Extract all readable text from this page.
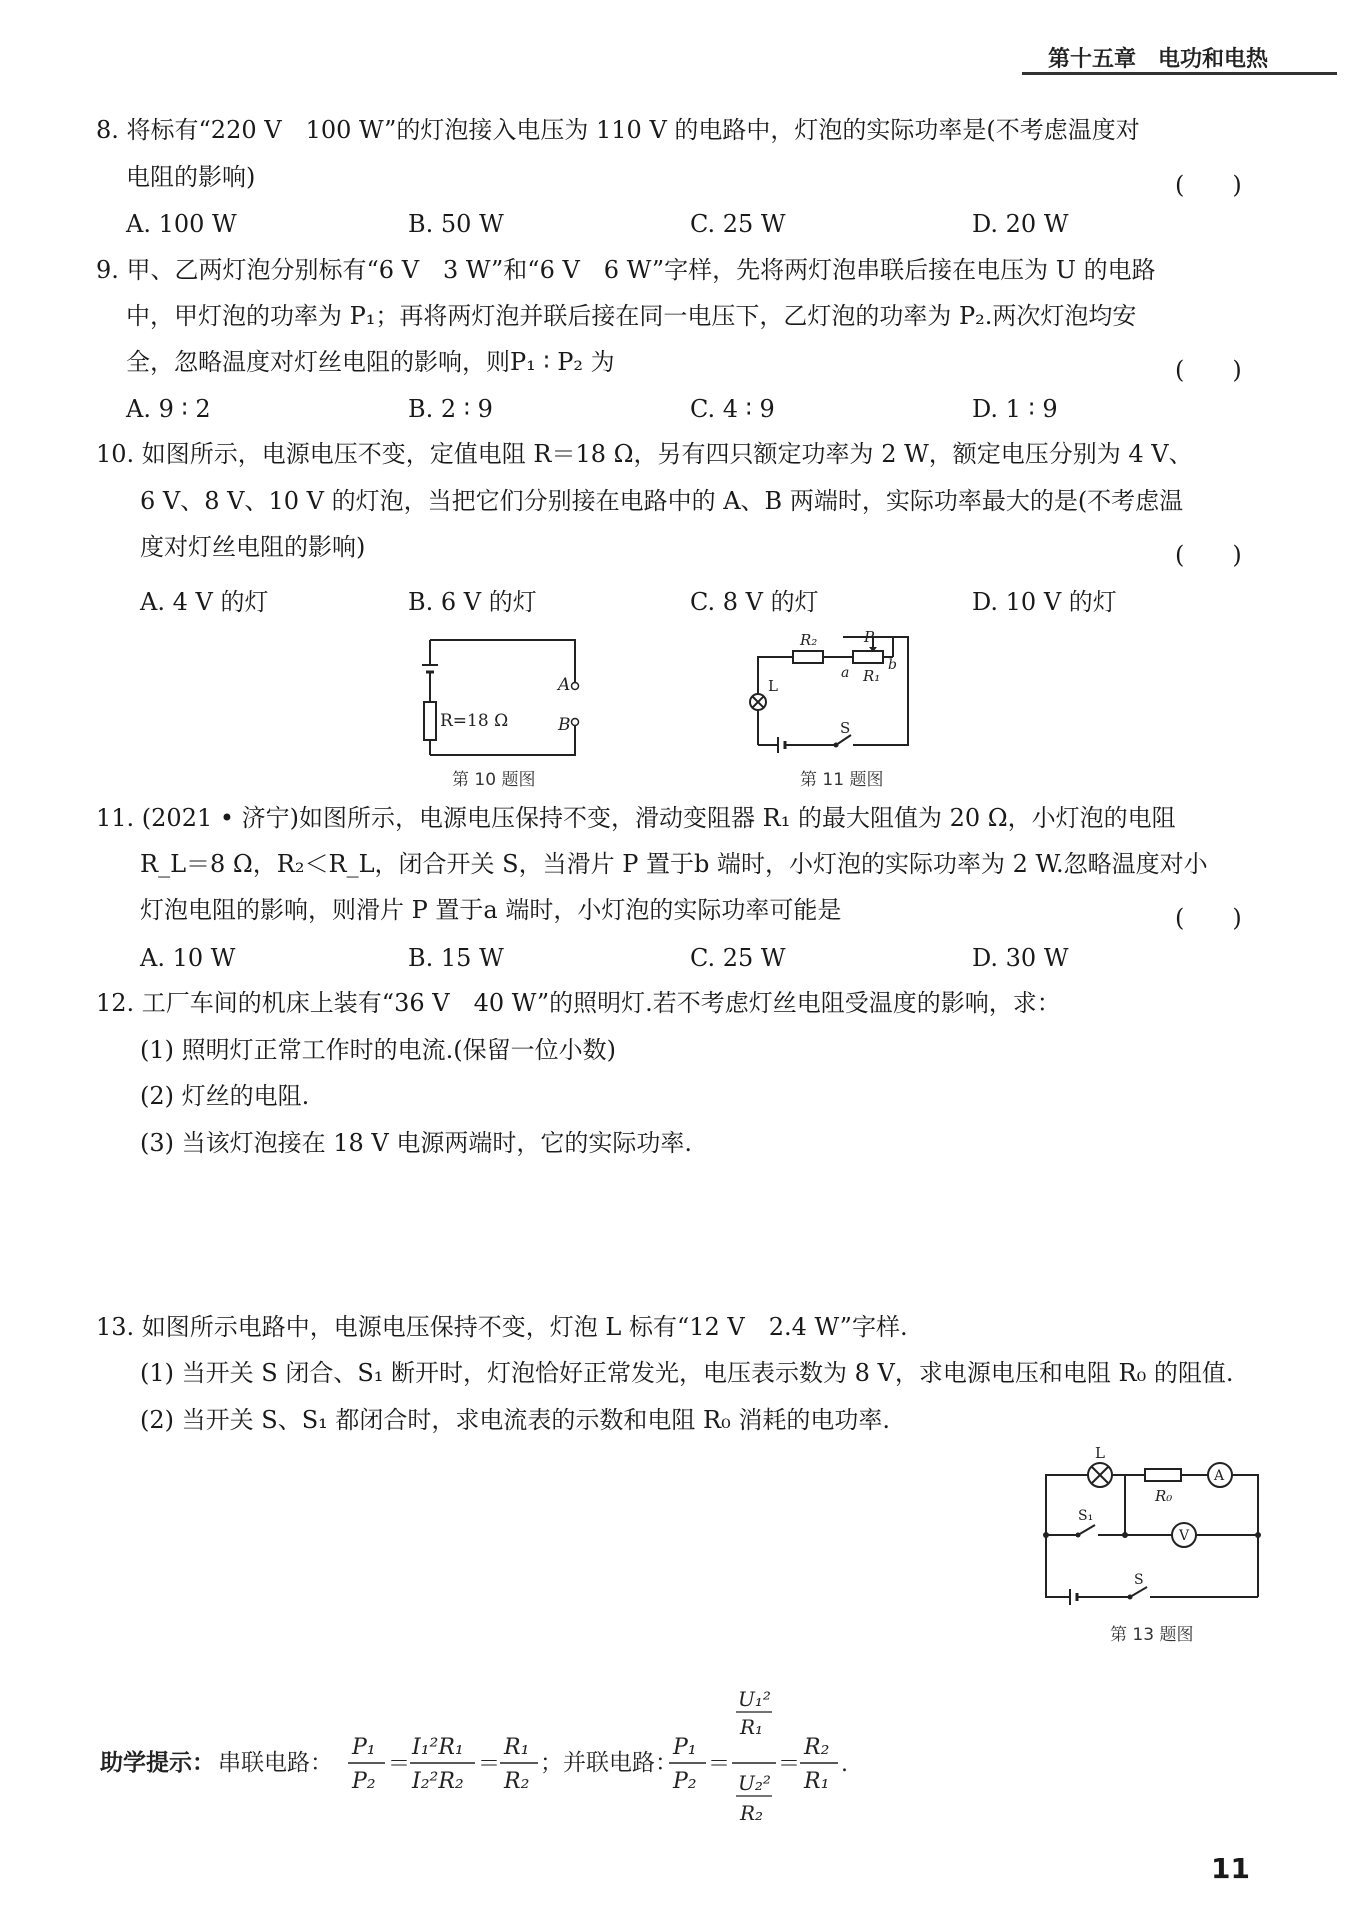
第十五章　电功和电热
8. 将标有“220 V　100 W”的灯泡接入电压为 110 V 的电路中，灯泡的实际功率是(不考虑温度对
电阻的影响)	(　　)
A. 100 W	B. 50 W	C. 25 W	D. 20 W
9. 甲、乙两灯泡分别标有“6 V　3 W”和“6 V　6 W”字样，先将两灯泡串联后接在电压为 U 的电路
中，甲灯泡的功率为 P₁；再将两灯泡并联后接在同一电压下，乙灯泡的功率为 P₂.两次灯泡均安
全，忽略温度对灯丝电阻的影响，则P₁ ∶ P₂ 为	(　　)
A. 9 ∶ 2	B. 2 ∶ 9	C. 4 ∶ 9	D. 1 ∶ 9
10. 如图所示，电源电压不变，定值电阻 R＝18 Ω，另有四只额定功率为 2 W，额定电压分别为 4 V、
6 V、8 V、10 V 的灯泡，当把它们分别接在电路中的 A、B 两端时，实际功率最大的是(不考虑温
度对灯丝电阻的影响)	(　　)
A. 4 V 的灯	B. 6 V 的灯	C. 8 V 的灯	D. 10 V 的灯
A
B
R=18 Ω
第 10 题图
R₂	P
a	b
R₁
L
S
第 11 题图
11. (2021 • 济宁)如图所示，电源电压保持不变，滑动变阻器 R₁ 的最大阻值为 20 Ω，小灯泡的电阻
R_L＝8 Ω，R₂＜R_L，闭合开关 S，当滑片 P 置于b 端时，小灯泡的实际功率为 2 W.忽略温度对小
灯泡电阻的影响，则滑片 P 置于a 端时，小灯泡的实际功率可能是	(　　)
A. 10 W	B. 15 W	C. 25 W	D. 30 W
12. 工厂车间的机床上装有“36 V　40 W”的照明灯.若不考虑灯丝电阻受温度的影响，求：
(1) 照明灯正常工作时的电流.(保留一位小数)
(2) 灯丝的电阻.
(3) 当该灯泡接在 18 V 电源两端时，它的实际功率.
13. 如图所示电路中，电源电压保持不变，灯泡 L 标有“12 V　2.4 W”字样.
(1) 当开关 S 闭合、S₁ 断开时，灯泡恰好正常发光，电压表示数为 8 V，求电源电压和电阻 R₀ 的阻值.
(2) 当开关 S、S₁ 都闭合时，求电流表的示数和电阻 R₀ 消耗的电功率.
L
R₀
A
V
S₁
S
第 13 题图
助学提示： 串联电路：
P₁
P₂
＝
I₁²R₁
I₂²R₂
＝
R₁
R₂
；并联电路：
P₁
P₂
＝
U₁²
R₁
U₂²
R₂
＝
R₂
R₁
.
11
